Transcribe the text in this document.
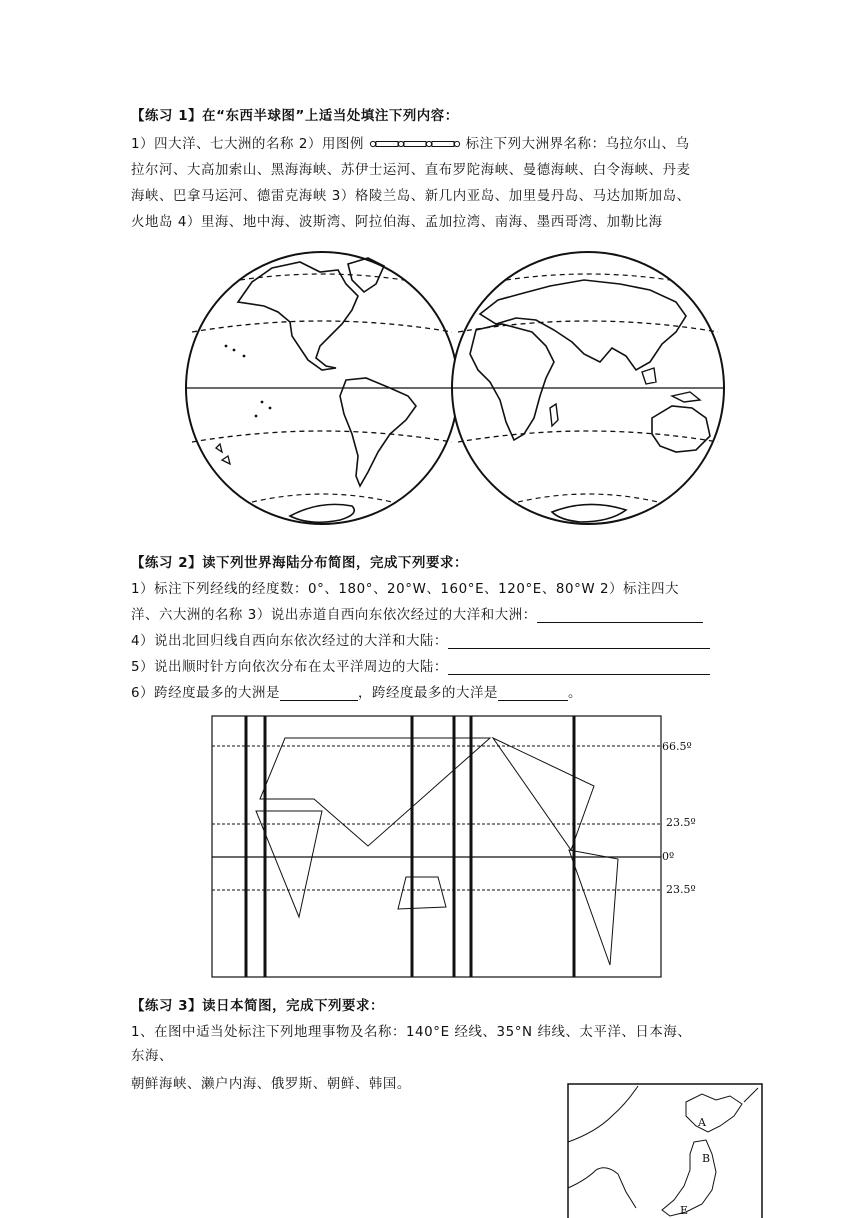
【练习 1】在“东西半球图”上适当处填注下列内容：
1）四大洋、七大洲的名称 2）用图例	标注下列大洲界名称：乌拉尔山、乌
拉尔河、大高加索山、黑海海峡、苏伊士运河、直布罗陀海峡、曼德海峡、白令海峡、丹麦
海峡、巴拿马运河、德雷克海峡 3）格陵兰岛、新几内亚岛、加里曼丹岛、马达加斯加岛、
火地岛 4）里海、地中海、波斯湾、阿拉伯海、孟加拉湾、南海、墨西哥湾、加勒比海
【练习 2】读下列世界海陆分布简图，完成下列要求：
1）标注下列经线的经度数：0°、180°、20°W、160°E、120°E、80°W 2）标注四大
洋、六大洲的名称 3）说出赤道自西向东依次经过的大洋和大洲：
4）说出北回归线自西向东依次经过的大洋和大陆：
5）说出顺时针方向依次分布在太平洋周边的大陆：
6）跨经度最多的大洲是	，跨经度最多的大洋是	。
66.5º
23.5º
0º
23.5º
【练习 3】读日本简图，完成下列要求：
1、在图中适当处标注下列地理事物及名称：140°E 经线、35°N 纬线、太平洋、日本海、
东海、
朝鲜海峡、濑户内海、俄罗斯、朝鲜、韩国。
A
B
E
